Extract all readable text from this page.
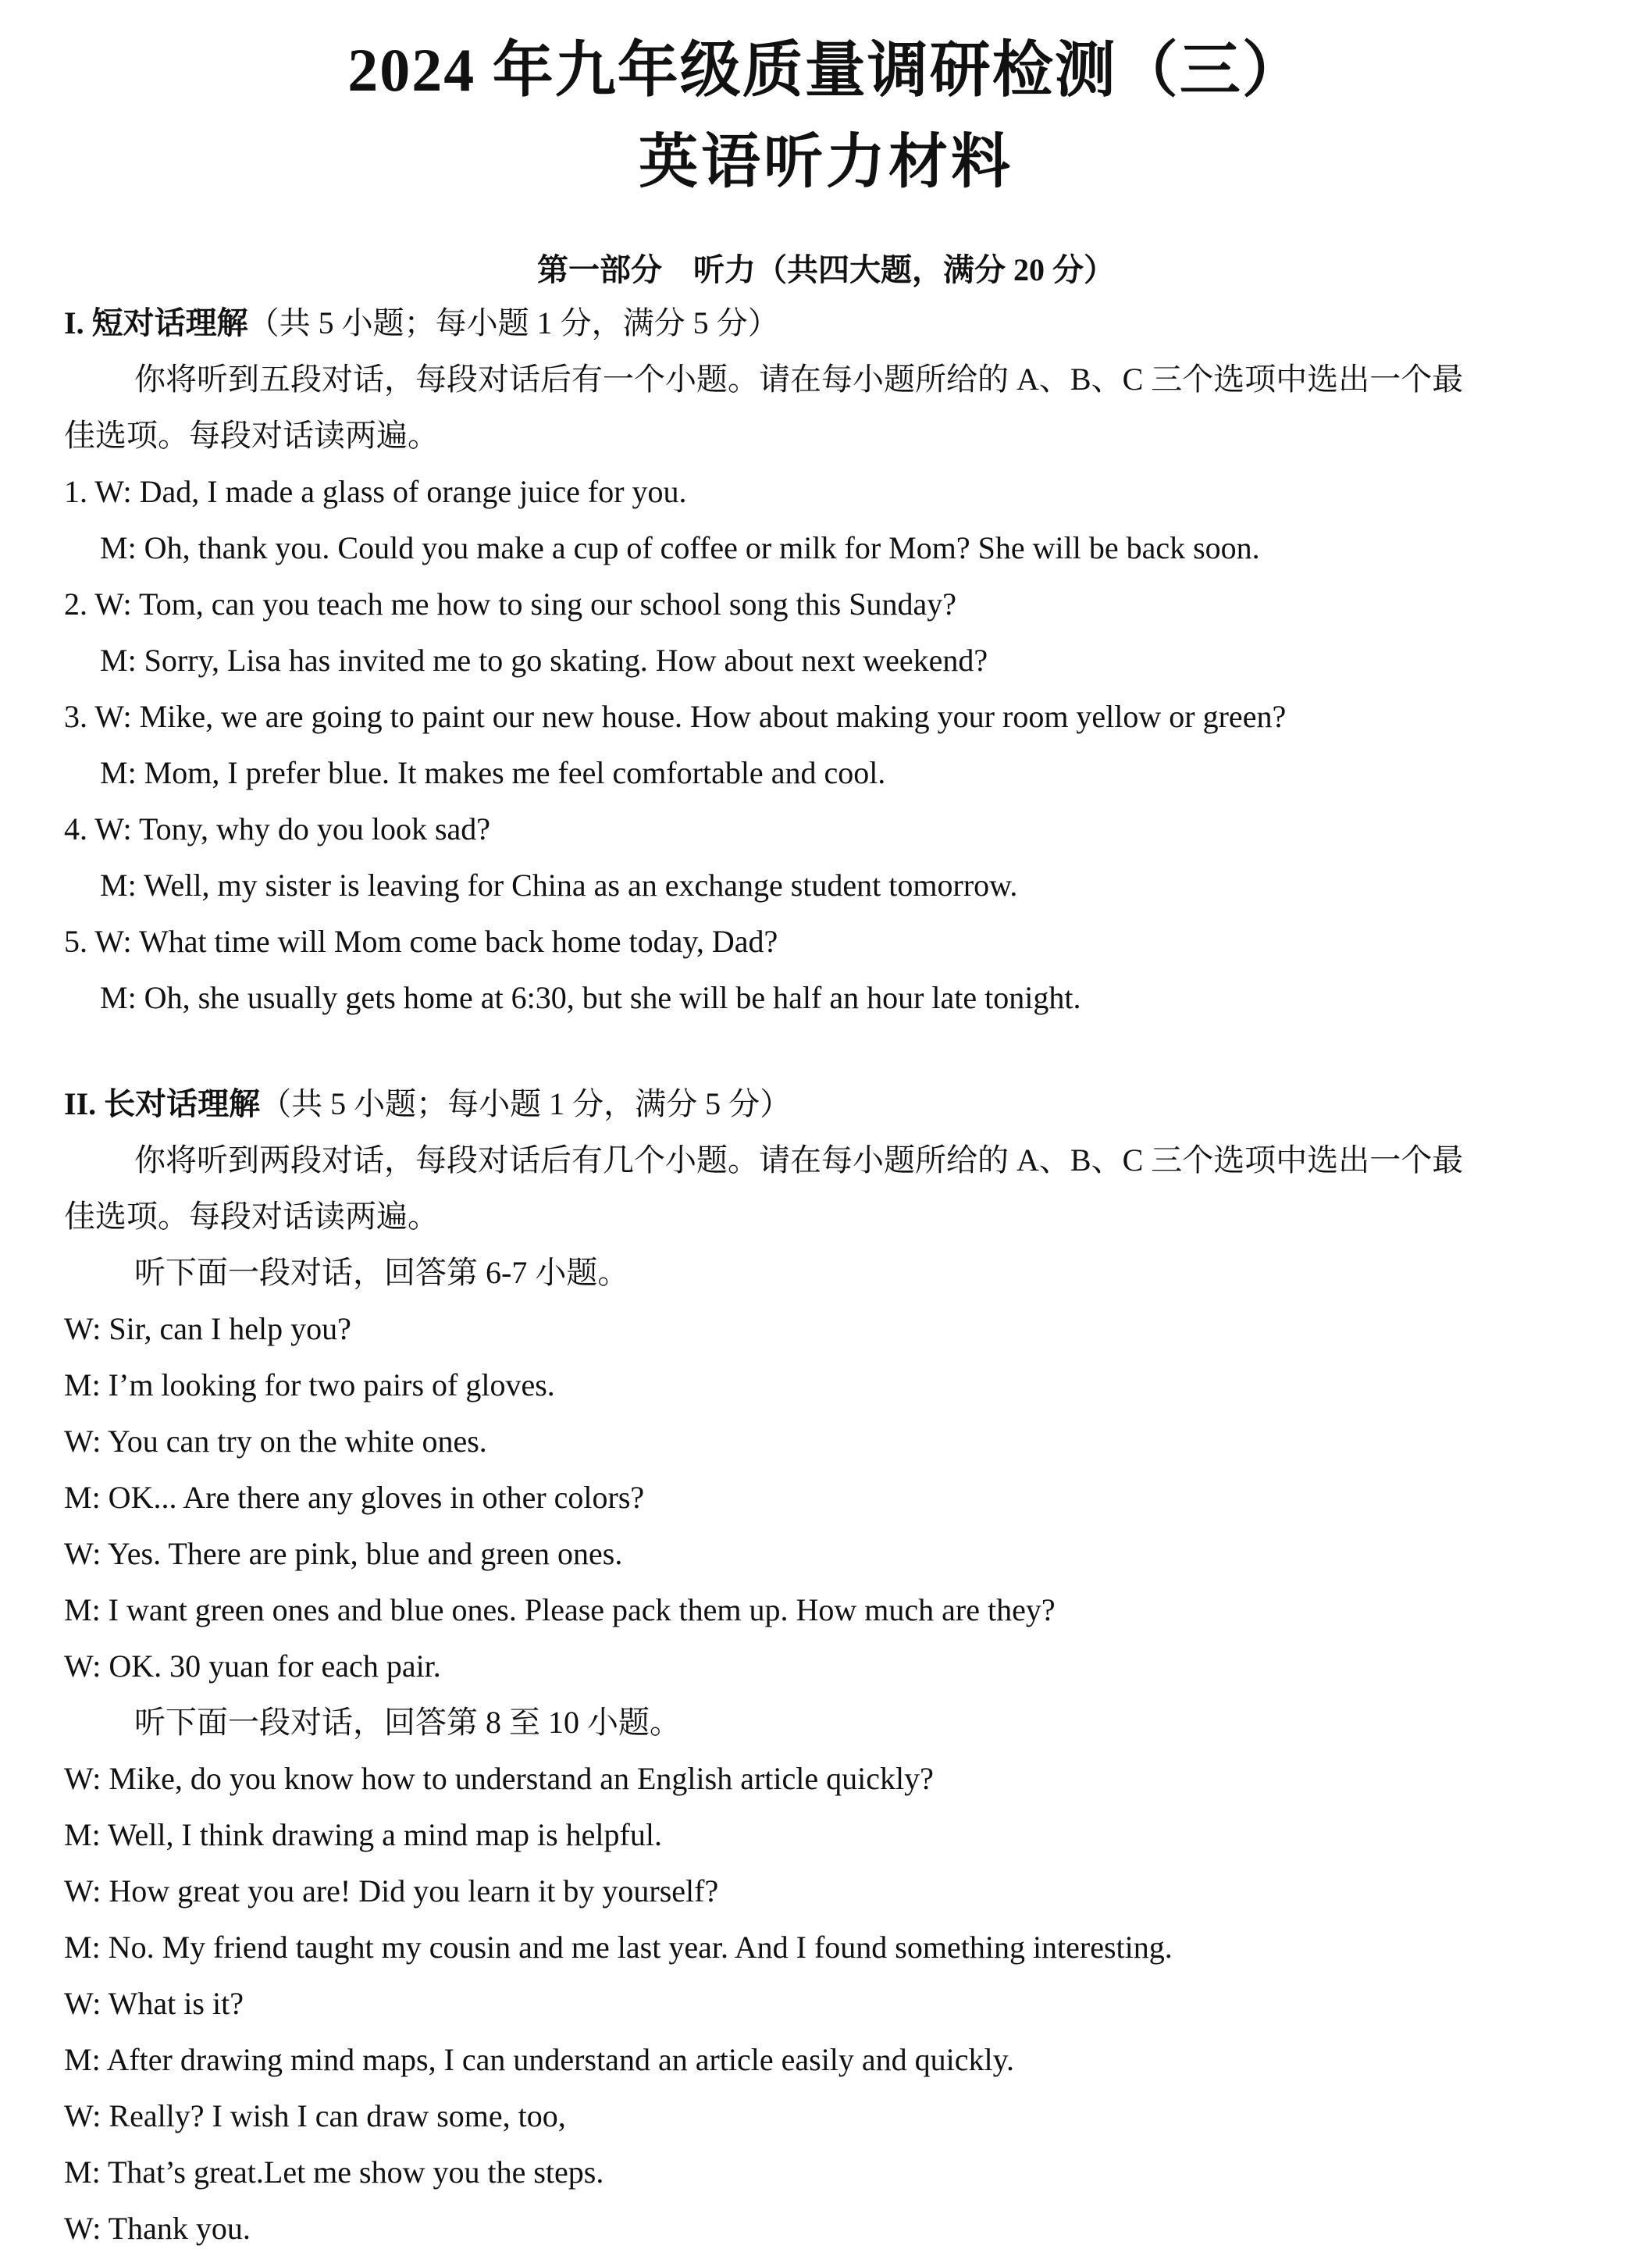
2024 年九年级质量调研检测（三）
英语听力材料
第一部分　听力（共四大题，满分 20 分）
I. 短对话理解（共 5 小题；每小题 1 分，满分 5 分）
你将听到五段对话，每段对话后有一个小题。请在每小题所给的 A、B、C 三个选项中选出一个最
佳选项。每段对话读两遍。
1. W: Dad, I made a glass of orange juice for you.
M: Oh, thank you. Could you make a cup of coffee or milk for Mom? She will be back soon.
2. W: Tom, can you teach me how to sing our school song this Sunday?
M: Sorry, Lisa has invited me to go skating. How about next weekend?
3. W: Mike, we are going to paint our new house. How about making your room yellow or green?
M: Mom, I prefer blue. It makes me feel comfortable and cool.
4. W: Tony, why do you look sad?
M: Well, my sister is leaving for China as an exchange student tomorrow.
5. W: What time will Mom come back home today, Dad?
M: Oh, she usually gets home at 6:30, but she will be half an hour late tonight.
II. 长对话理解（共 5 小题；每小题 1 分，满分 5 分）
你将听到两段对话，每段对话后有几个小题。请在每小题所给的 A、B、C 三个选项中选出一个最
佳选项。每段对话读两遍。
听下面一段对话，回答第 6-7 小题。
W: Sir, can I help you?
M: I’m looking for two pairs of gloves.
W: You can try on the white ones.
M: OK... Are there any gloves in other colors?
W: Yes. There are pink, blue and green ones.
M: I want green ones and blue ones. Please pack them up. How much are they?
W: OK. 30 yuan for each pair.
听下面一段对话，回答第 8 至 10 小题。
W: Mike, do you know how to understand an English article quickly?
M: Well, I think drawing a mind map is helpful.
W: How great you are! Did you learn it by yourself?
M: No. My friend taught my cousin and me last year. And I found something interesting.
W: What is it?
M: After drawing mind maps, I can understand an article easily and quickly.
W: Really? I wish I can draw some, too,
M: That’s great.Let me show you the steps.
W: Thank you.
